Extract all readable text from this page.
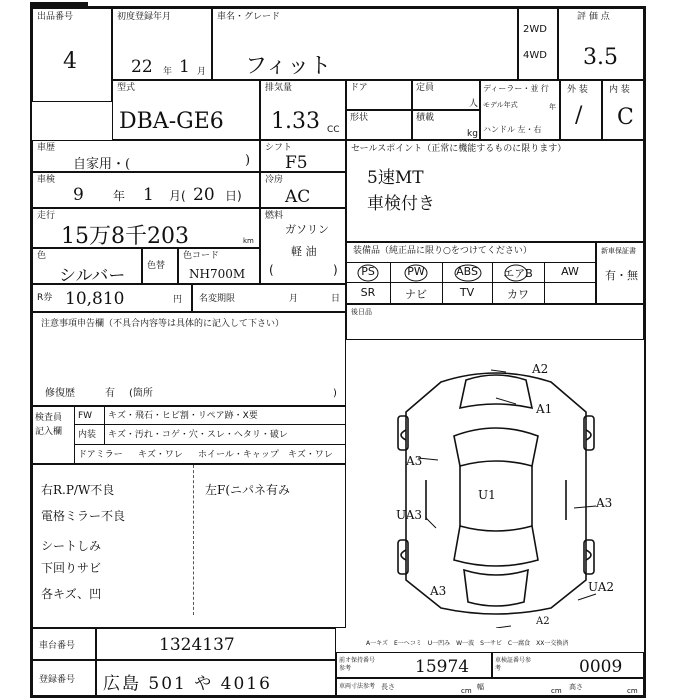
出品番号
4
初度登録年月
22 年 1 月
車名・グレード
フィット
2WD
4WD
評 価 点
3.5
型式
DBA-GE6
排気量
1.33 CC
ドア	定員
人
ディーラー・並 行
モデル年式	年
ハンドル 左・右
形状	積載
kg
外 装
/
内 装
C
車歴
自家用・(	)
シフト
F5
セールスポイント（正常に機能するものに限ります）
5速MT
車検付き
車検
9 年 1 月( 20 日)
冷房
AC
走行
15万8千203	km
燃料
ガソリン
軽 油
(	)
色
シルバー 色替
色コード
NH700M
装備品（純正品に限り○をつけてください）	新車保証書
有・無
PS	PW	ABS	エアB	AW
SR	ナビ	TV	カワ
後日品
R券 10,810	円 名変期限	月	日
注意事項申告欄（不具合内容等は具体的に記入して下さい）
修復歴	有 (箇所	)
検査員
記入欄
FW キズ・飛石・ヒビ割・リペア跡・X要
内装 キズ・汚れ・コゲ・穴・スレ・ヘタリ・破レ
ドアミラー キズ・ワレ ホイール・キャップ キズ・ワレ
右R.P/W不良
電格ミラー不良
シートしみ
下回りサビ
各キズ、凹
左F(ニパネ有み
A2
A1
A3
U1
UA3
A3
A3	UA2
A2
車台番号	1324137
登録番号 広島 501 や 4016
A一キズ　E一ヘコミ　U一凹み　W一波　S一サビ　C一腐食　XX一交換済
前オ保持番号参考	15974	車検証番号参考	0009
車両寸法参考 長さ	cm 幅	cm 高さ	cm
